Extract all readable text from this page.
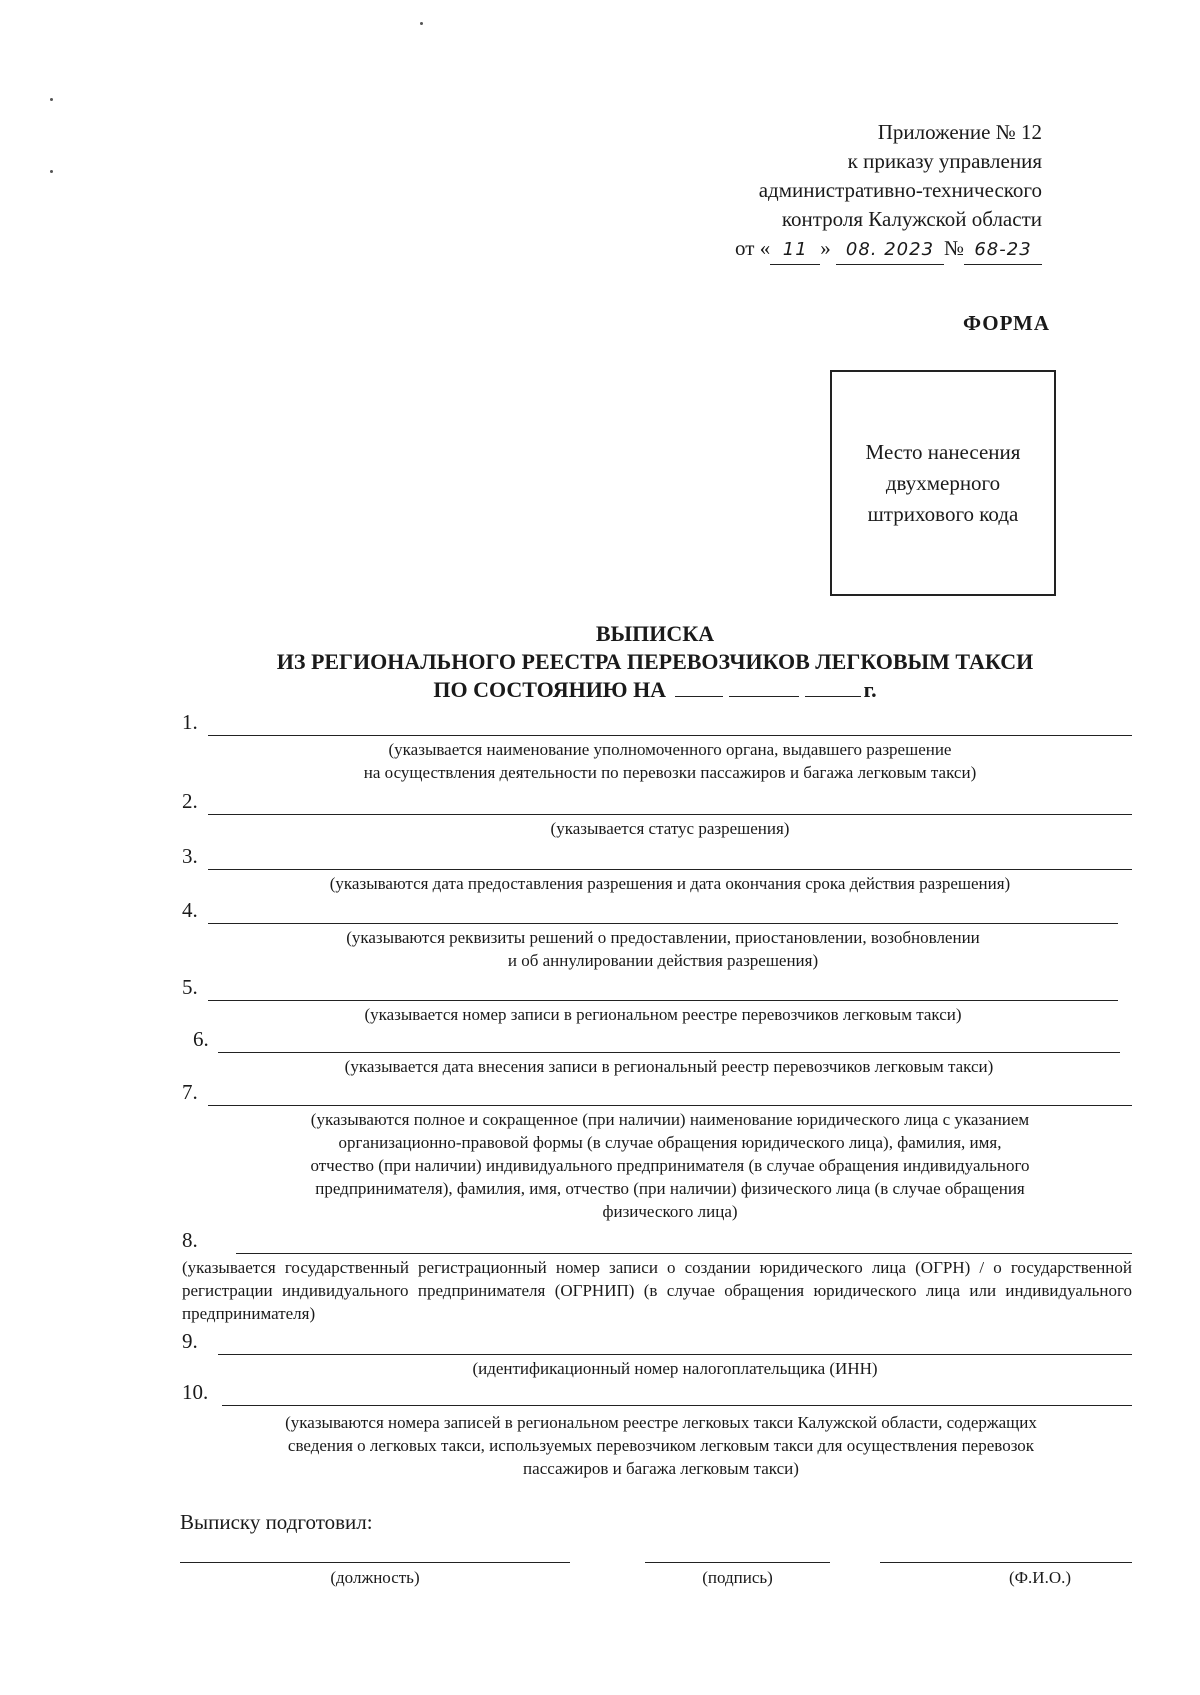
Приложение № 12
к приказу управления
административно-технического
контроля Калужской области
от « 11 » 08. 2023 № 68-23
ФОРМА
Место нанесения
двухмерного
штрихового кода
ВЫПИСКА
ИЗ РЕГИОНАЛЬНОГО РЕЕСТРА ПЕРЕВОЗЧИКОВ ЛЕГКОВЫМ ТАКСИ
ПО СОСТОЯНИЮ НА	г.
1.
(указывается наименование уполномоченного органа, выдавшего разрешение
на осуществления деятельности по перевозки пассажиров и багажа легковым такси)
2.
(указывается статус разрешения)
3.
(указываются дата предоставления разрешения и дата окончания срока действия разрешения)
4.
(указываются реквизиты решений о предоставлении, приостановлении, возобновлении
и об аннулировании действия разрешения)
5.
(указывается номер записи в региональном реестре перевозчиков легковым такси)
6.
(указывается дата внесения записи в региональный реестр перевозчиков легковым такси)
7.
(указываются полное и сокращенное (при наличии) наименование юридического лица с указанием
организационно-правовой формы (в случае обращения юридического лица), фамилия, имя,
отчество (при наличии) индивидуального предпринимателя (в случае обращения индивидуального
предпринимателя), фамилия, имя, отчество (при наличии) физического лица (в случае обращения
физического лица)
8.
(указывается государственный регистрационный номер записи о создании юридического лица (ОГРН) / о государственной регистрации индивидуального предпринимателя (ОГРНИП) (в случае обращения юридического лица или индивидуального предпринимателя)
9.
(идентификационный номер налогоплательщика (ИНН)
10.
(указываются номера записей в региональном реестре легковых такси Калужской области, содержащих
сведения о легковых такси, используемых перевозчиком легковым такси для осуществления перевозок
пассажиров и багажа легковым такси)
Выписку подготовил:
(должность)	(подпись)	(Ф.И.О.)
